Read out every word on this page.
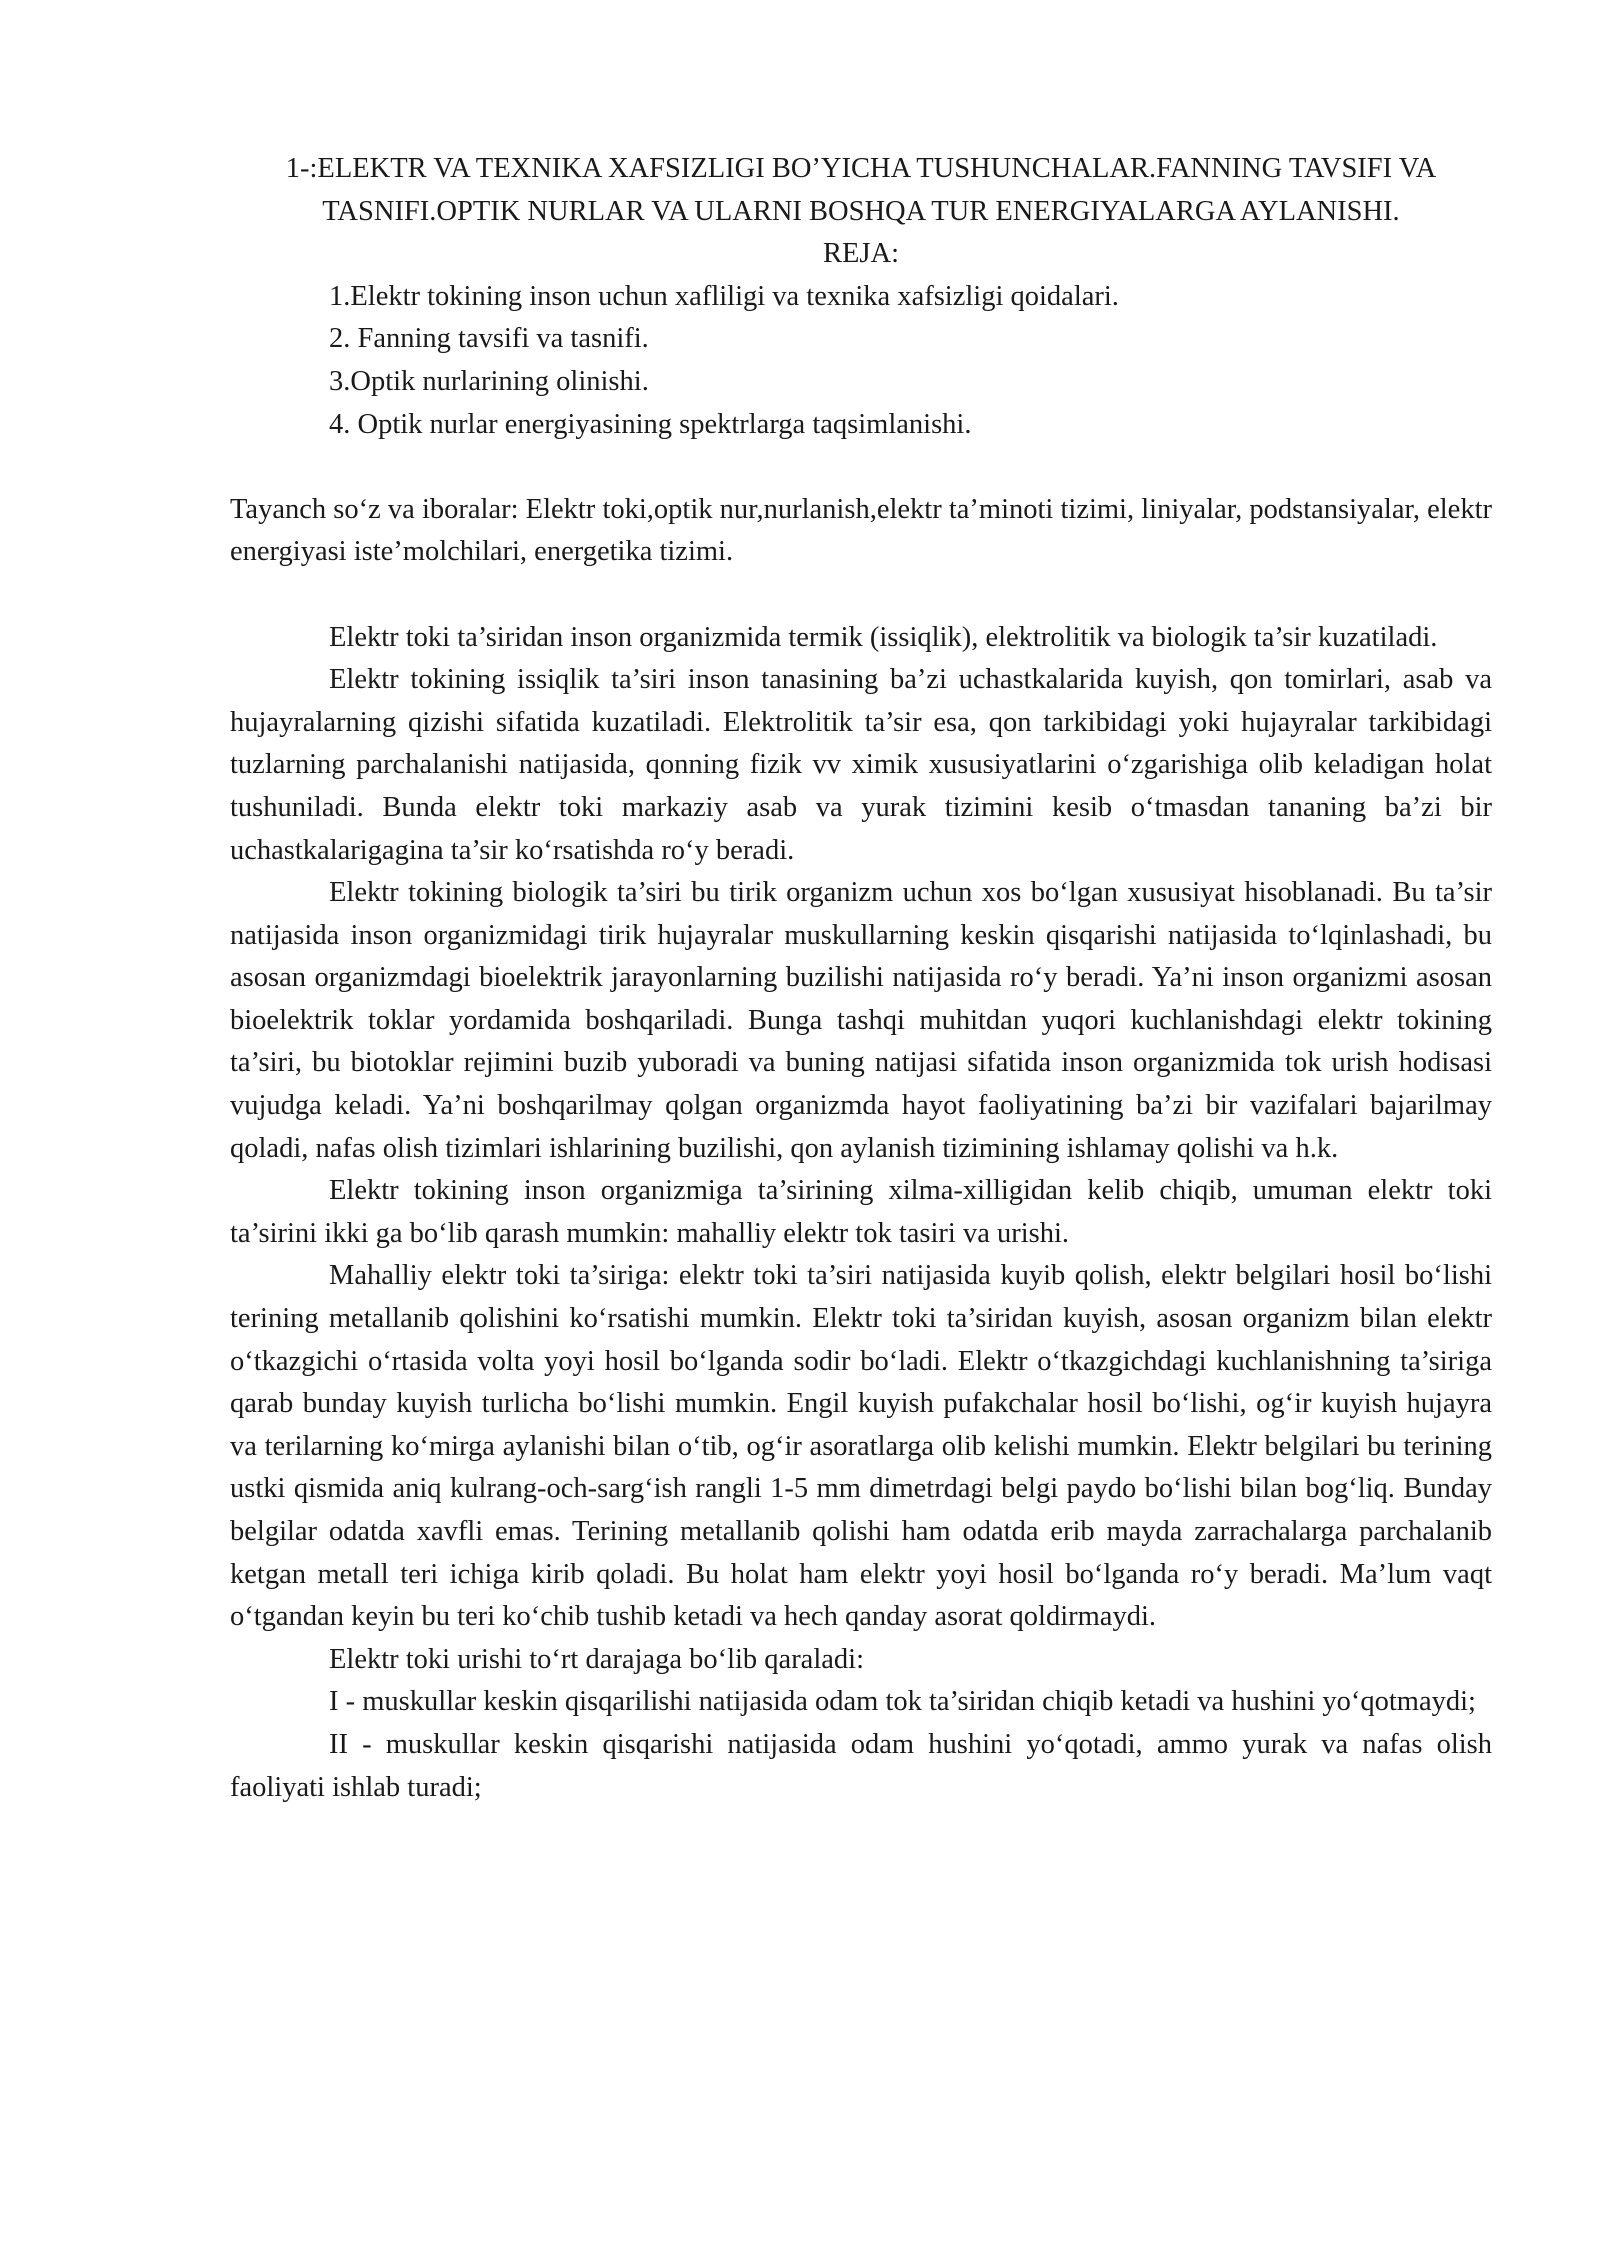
1-:ELEKTR VA TEXNIKA XAFSIZLIGI BO’YICHA TUSHUNCHALAR.FANNING TAVSIFI VA TASNIFI.OPTIK NURLAR VA ULARNI BOSHQA TUR ENERGIYALARGA AYLANISHI.

REJA:

1.Elektr tokining inson uchun xafliligi va texnika xafsizligi qoidalari.
2. Fanning tavsifi va tasnifi.
3.Optik nurlarining olinishi.
4. Optik nurlar energiyasining spektrlarga taqsimlanishi.

Tayanch so‘z va iboralar: Elektr toki,optik nur,nurlanish,elektr ta’minoti tizimi, liniyalar, podstansiyalar, elektr energiyasi iste’molchilari, energetika tizimi.

Elektr toki ta’siridan inson organizmida termik (issiqlik), elektrolitik va biologik ta’sir kuzatiladi.

Elektr tokining issiqlik ta’siri inson tanasining ba’zi uchastkalarida kuyish, qon tomirlari, asab va hujayralarning qizishi sifatida kuzatiladi. Elektrolitik ta’sir esa, qon tarkibidagi yoki hujayralar tarkibidagi tuzlarning parchalanishi natijasida, qonning fizik vv ximik xususiyatlarini o‘zgarishiga olib keladigan holat tushuniladi. Bunda elektr toki markaziy asab va yurak tizimini kesib o‘tmasdan tananing ba’zi bir uchastkalarigagina ta’sir ko‘rsatishda ro‘y beradi.

Elektr tokining biologik ta’siri bu tirik organizm uchun xos bo‘lgan xususiyat hisoblanadi. Bu ta’sir natijasida inson organizmidagi tirik hujayralar muskullarning keskin qisqarishi natijasida to‘lqinlashadi, bu asosan organizmdagi bioelektrik jarayonlarning buzilishi natijasida ro‘y beradi. Ya’ni inson organizmi asosan bioelektrik toklar yordamida boshqariladi. Bunga tashqi muhitdan yuqori kuchlanishdagi elektr tokining ta’siri, bu biotoklar rejimini buzib yuboradi va buning natijasi sifatida inson organizmida tok urish hodisasi vujudga keladi. Ya’ni boshqarilmay qolgan organizmda hayot faoliyatining ba’zi bir vazifalari bajarilmay qoladi, nafas olish tizimlari ishlarining buzilishi, qon aylanish tizimining ishlamay qolishi va h.k.

Elektr tokining inson organizmiga ta’sirining xilma-xilligidan kelib chiqib, umuman elektr toki ta’sirini ikki ga bo‘lib qarash mumkin: mahalliy elektr tok tasiri va urishi.

Mahalliy elektr toki ta’siriga: elektr toki ta’siri natijasida kuyib qolish, elektr belgilari hosil bo‘lishi terining metallanib qolishini ko‘rsatishi mumkin. Elektr toki ta’siridan kuyish, asosan organizm bilan elektr o‘tkazgichi o‘rtasida volta yoyi hosil bo‘lganda sodir bo‘ladi. Elektr o‘tkazgichdagi kuchlanishning ta’siriga qarab bunday kuyish turlicha bo‘lishi mumkin. Engil kuyish pufakchalar hosil bo‘lishi, og‘ir kuyish hujayra va terilarning ko‘mirga aylanishi bilan o‘tib, og‘ir asoratlarga olib kelishi mumkin. Elektr belgilari bu terining ustki qismida aniq kulrang-och-sarg‘ish rangli 1-5 mm dimetrdagi belgi paydo bo‘lishi bilan bog‘liq. Bunday belgilar odatda xavfli emas. Terining metallanib qolishi ham odatda erib mayda zarrachalarga parchalanib ketgan metall teri ichiga kirib qoladi. Bu holat ham elektr yoyi hosil bo‘lganda ro‘y beradi. Ma’lum vaqt o‘tgandan keyin bu teri ko‘chib tushib ketadi va hech qanday asorat qoldirmaydi.

Elektr toki urishi to‘rt darajaga bo‘lib qaraladi:

I - muskullar keskin qisqarilishi natijasida odam tok ta’siridan chiqib ketadi va hushini yo‘qotmaydi;

II - muskullar keskin qisqarishi natijasida odam hushini yo‘qotadi, ammo yurak va nafas olish faoliyati ishlab turadi;
